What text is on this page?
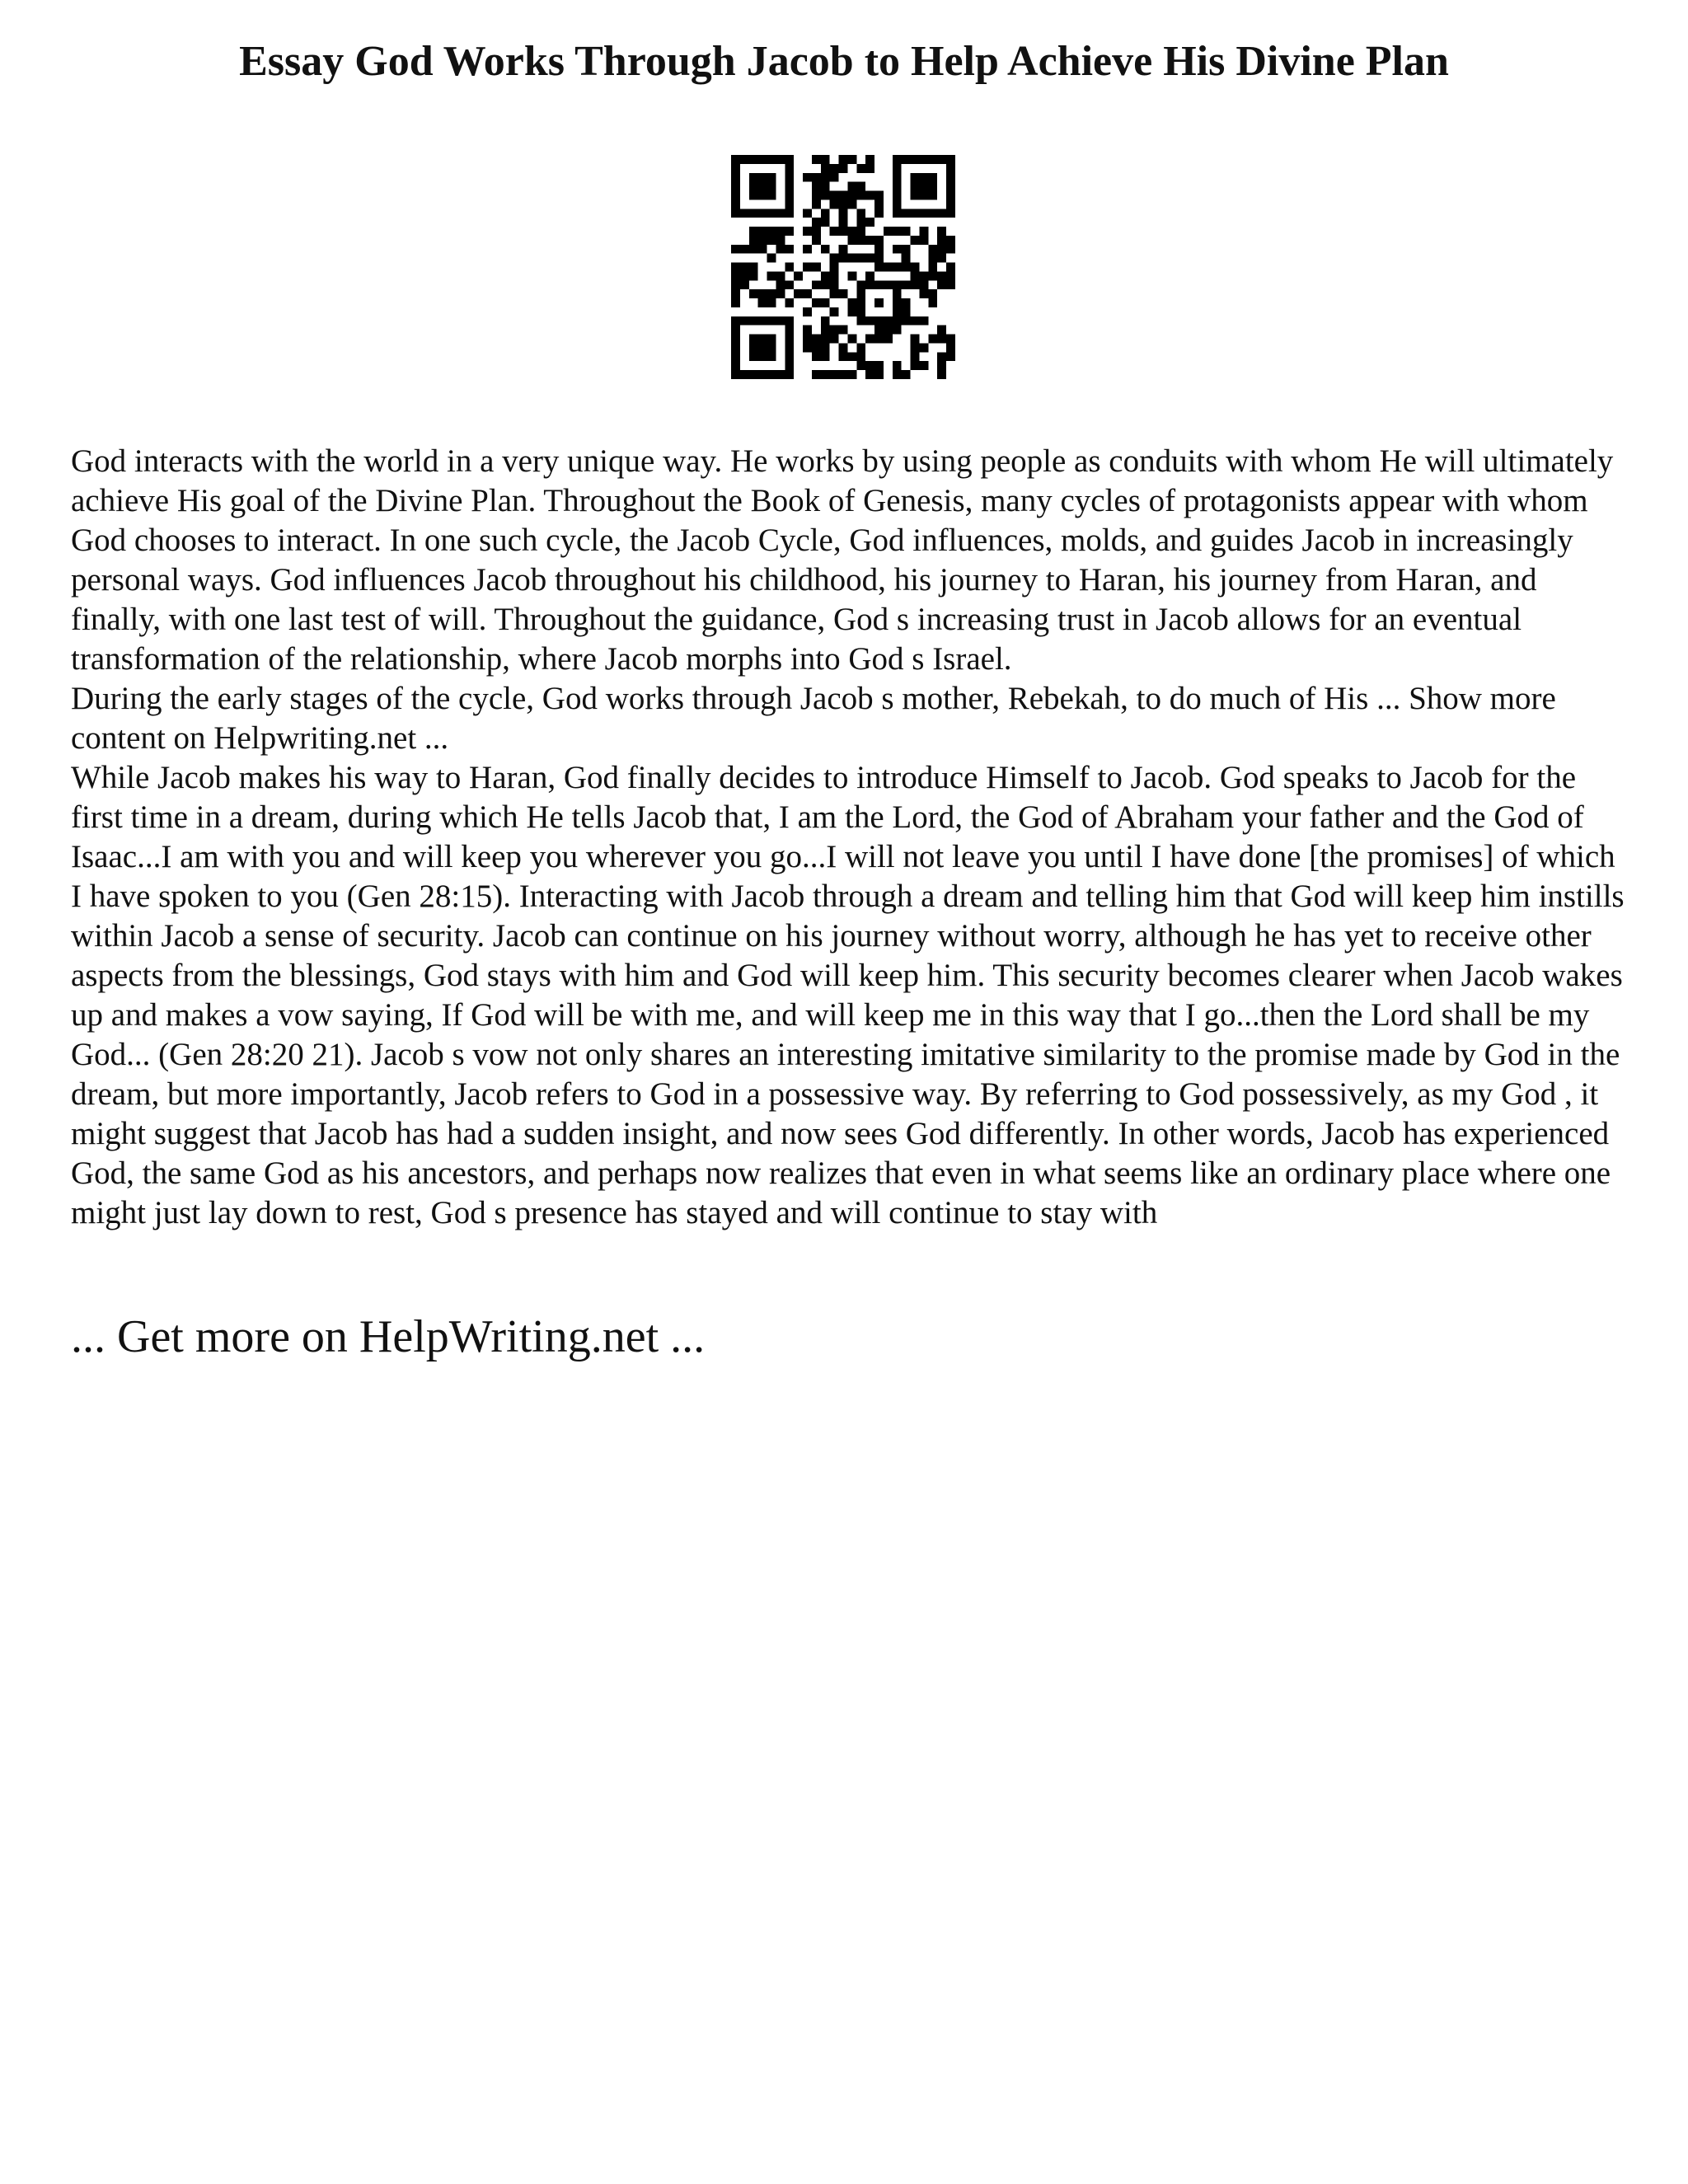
Essay God Works Through Jacob to Help Achieve His Divine Plan

God interacts with the world in a very unique way. He works by using people as conduits with whom He will ultimately achieve His goal of the Divine Plan. Throughout the Book of Genesis, many cycles of protagonists appear with whom God chooses to interact. In one such cycle, the Jacob Cycle, God influences, molds, and guides Jacob in increasingly personal ways. God influences Jacob throughout his childhood, his journey to Haran, his journey from Haran, and finally, with one last test of will. Throughout the guidance, God s increasing trust in Jacob allows for an eventual transformation of the relationship, where Jacob morphs into God s Israel.

During the early stages of the cycle, God works through Jacob s mother, Rebekah, to do much of His ... Show more content on Helpwriting.net ...

While Jacob makes his way to Haran, God finally decides to introduce Himself to Jacob. God speaks to Jacob for the first time in a dream, during which He tells Jacob that, I am the Lord, the God of Abraham your father and the God of Isaac...I am with you and will keep you wherever you go...I will not leave you until I have done [the promises] of which I have spoken to you (Gen 28:15). Interacting with Jacob through a dream and telling him that God will keep him instills within Jacob a sense of security. Jacob can continue on his journey without worry, although he has yet to receive other aspects from the blessings, God stays with him and God will keep him. This security becomes clearer when Jacob wakes up and makes a vow saying, If God will be with me, and will keep me in this way that I go...then the Lord shall be my God... (Gen 28:20 21). Jacob s vow not only shares an interesting imitative similarity to the promise made by God in the dream, but more importantly, Jacob refers to God in a possessive way. By referring to God possessively, as my God , it might suggest that Jacob has had a sudden insight, and now sees God differently. In other words, Jacob has experienced God, the same God as his ancestors, and perhaps now realizes that even in what seems like an ordinary place where one might just lay down to rest, God s presence has stayed and will continue to stay with

... Get more on HelpWriting.net ...
